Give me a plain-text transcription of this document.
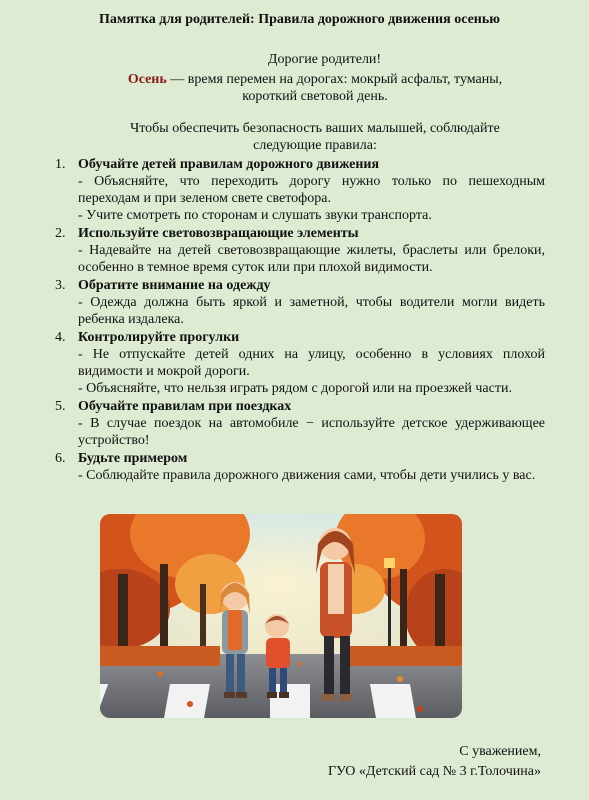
Памятка для родителей: Правила дорожного движения осенью
Дорогие родители!
Осень — время перемен на дорогах: мокрый асфальт, туманы,
короткий световой день.
Чтобы обеспечить безопасность ваших малышей, соблюдайте
следующие правила:
1. Обучайте детей правилам дорожного движения
- Объясняйте, что переходить дорогу нужно только по пешеходным переходам и при зеленом свете светофора.
- Учите смотреть по сторонам и слушать звуки транспорта.
2. Используйте световозвращающие элементы
- Надевайте на детей световозвращающие жилеты, браслеты или брелоки, особенно в темное время суток или при плохой видимости.
3. Обратите внимание на одежду
- Одежда должна быть яркой и заметной, чтобы водители могли видеть ребенка издалека.
4. Контролируйте прогулки
- Не отпускайте детей одних на улицу, особенно в условиях плохой видимости и мокрой дороги.
- Объясняйте, что нельзя играть рядом с дорогой или на проезжей части.
5. Обучайте правилам при поездках
- В случае поездок на автомобиле − используйте детское удерживающее устройство!
6. Будьте примером
- Соблюдайте правила дорожного движения сами, чтобы дети учились у вас.
С уважением,
ГУО «Детский сад № 3 г.Толочина»
